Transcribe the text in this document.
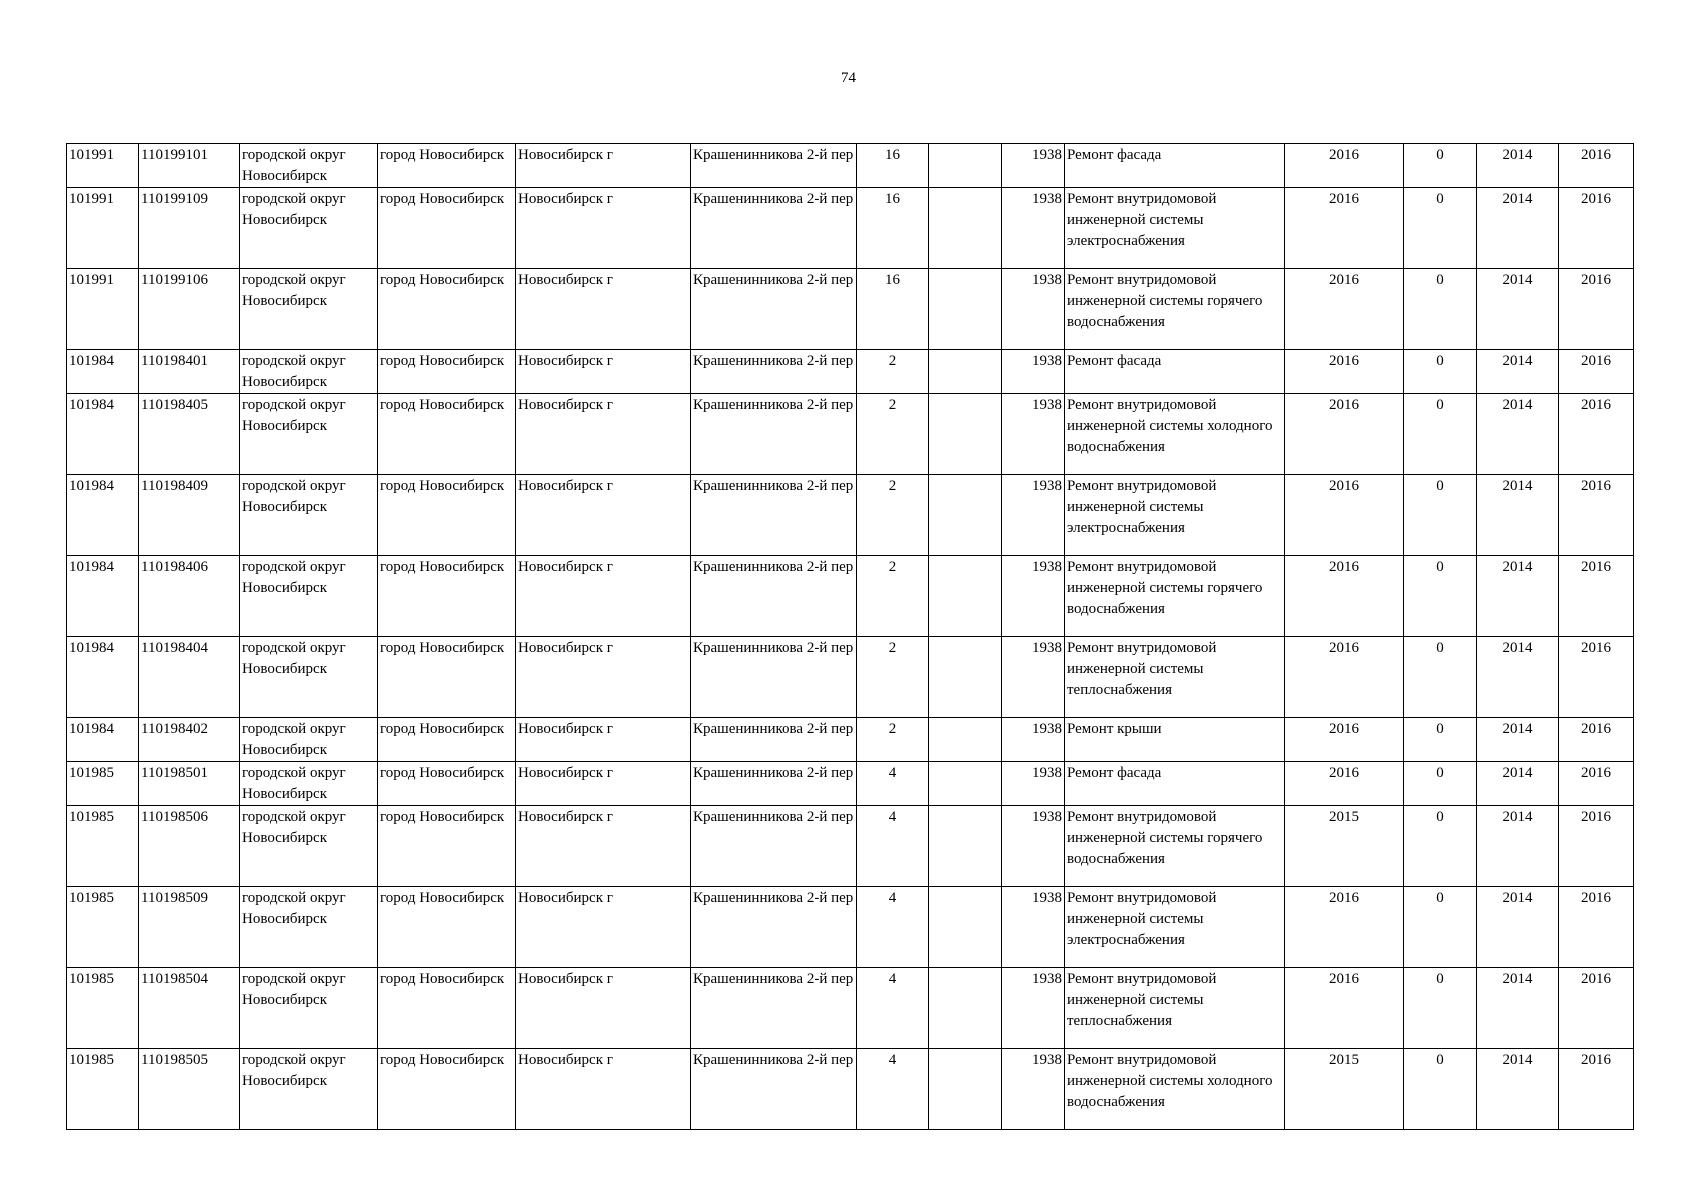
74
101991	110199101	городской округ Новосибирск	город Новосибирск	Новосибирск г	Крашенинникова 2-й пер	16		1938	Ремонт фасада	2016	0	2014	2016
101991	110199109	городской округ Новосибирск	город Новосибирск	Новосибирск г	Крашенинникова 2-й пер	16		1938	Ремонт внутридомовой инженерной системы электроснабжения	2016	0	2014	2016
101991	110199106	городской округ Новосибирск	город Новосибирск	Новосибирск г	Крашенинникова 2-й пер	16		1938	Ремонт внутридомовой инженерной системы горячего водоснабжения	2016	0	2014	2016
101984	110198401	городской округ Новосибирск	город Новосибирск	Новосибирск г	Крашенинникова 2-й пер	2		1938	Ремонт фасада	2016	0	2014	2016
101984	110198405	городской округ Новосибирск	город Новосибирск	Новосибирск г	Крашенинникова 2-й пер	2		1938	Ремонт внутридомовой инженерной системы холодного водоснабжения	2016	0	2014	2016
101984	110198409	городской округ Новосибирск	город Новосибирск	Новосибирск г	Крашенинникова 2-й пер	2		1938	Ремонт внутридомовой инженерной системы электроснабжения	2016	0	2014	2016
101984	110198406	городской округ Новосибирск	город Новосибирск	Новосибирск г	Крашенинникова 2-й пер	2		1938	Ремонт внутридомовой инженерной системы горячего водоснабжения	2016	0	2014	2016
101984	110198404	городской округ Новосибирск	город Новосибирск	Новосибирск г	Крашенинникова 2-й пер	2		1938	Ремонт внутридомовой инженерной системы теплоснабжения	2016	0	2014	2016
101984	110198402	городской округ Новосибирск	город Новосибирск	Новосибирск г	Крашенинникова 2-й пер	2		1938	Ремонт крыши	2016	0	2014	2016
101985	110198501	городской округ Новосибирск	город Новосибирск	Новосибирск г	Крашенинникова 2-й пер	4		1938	Ремонт фасада	2016	0	2014	2016
101985	110198506	городской округ Новосибирск	город Новосибирск	Новосибирск г	Крашенинникова 2-й пер	4		1938	Ремонт внутридомовой инженерной системы горячего водоснабжения	2015	0	2014	2016
101985	110198509	городской округ Новосибирск	город Новосибирск	Новосибирск г	Крашенинникова 2-й пер	4		1938	Ремонт внутридомовой инженерной системы электроснабжения	2016	0	2014	2016
101985	110198504	городской округ Новосибирск	город Новосибирск	Новосибирск г	Крашенинникова 2-й пер	4		1938	Ремонт внутридомовой инженерной системы теплоснабжения	2016	0	2014	2016
101985	110198505	городской округ Новосибирск	город Новосибирск	Новосибирск г	Крашенинникова 2-й пер	4		1938	Ремонт внутридомовой инженерной системы холодного водоснабжения	2015	0	2014	2016
